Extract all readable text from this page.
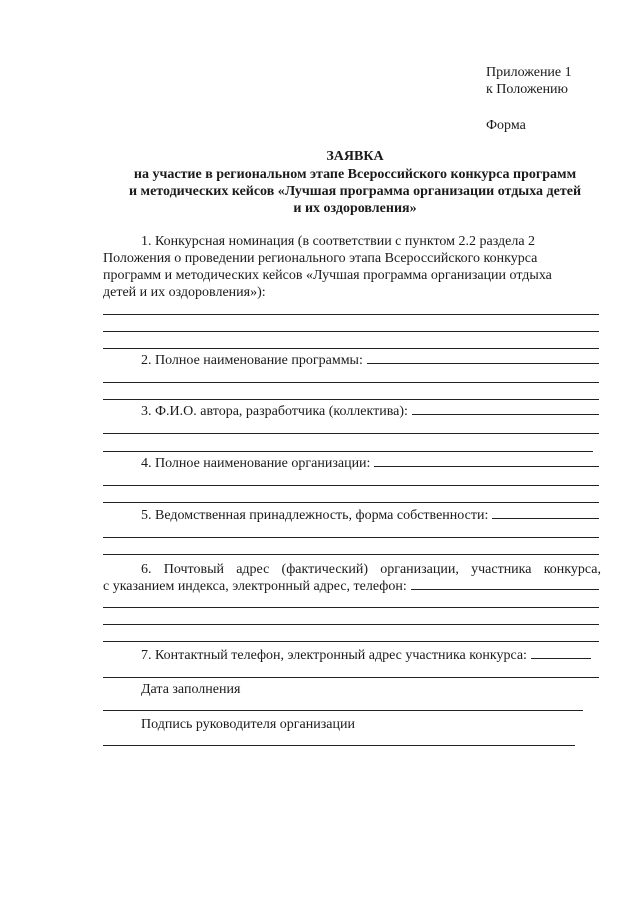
Приложение 1
к Положению
Форма
ЗАЯВКА
на участие в региональном этапе Всероссийского конкурса программ
и методических кейсов «Лучшая программа организации отдыха детей
и их оздоровления»
1. Конкурсная номинация (в соответствии с пунктом 2.2 раздела 2
Положения о проведении регионального этапа Всероссийского конкурса
программ и методических кейсов «Лучшая программа организации отдыха
детей и их оздоровления»):
2. Полное наименование программы:
3. Ф.И.О. автора, разработчика (коллектива):
4. Полное наименование организации:
5. Ведомственная принадлежность, форма собственности:
6. Почтовый адрес (фактический) организации, участника конкурса,
с указанием индекса, электронный адрес, телефон:
7. Контактный телефон, электронный адрес участника конкурса:
Дата заполнения
Подпись руководителя организации
